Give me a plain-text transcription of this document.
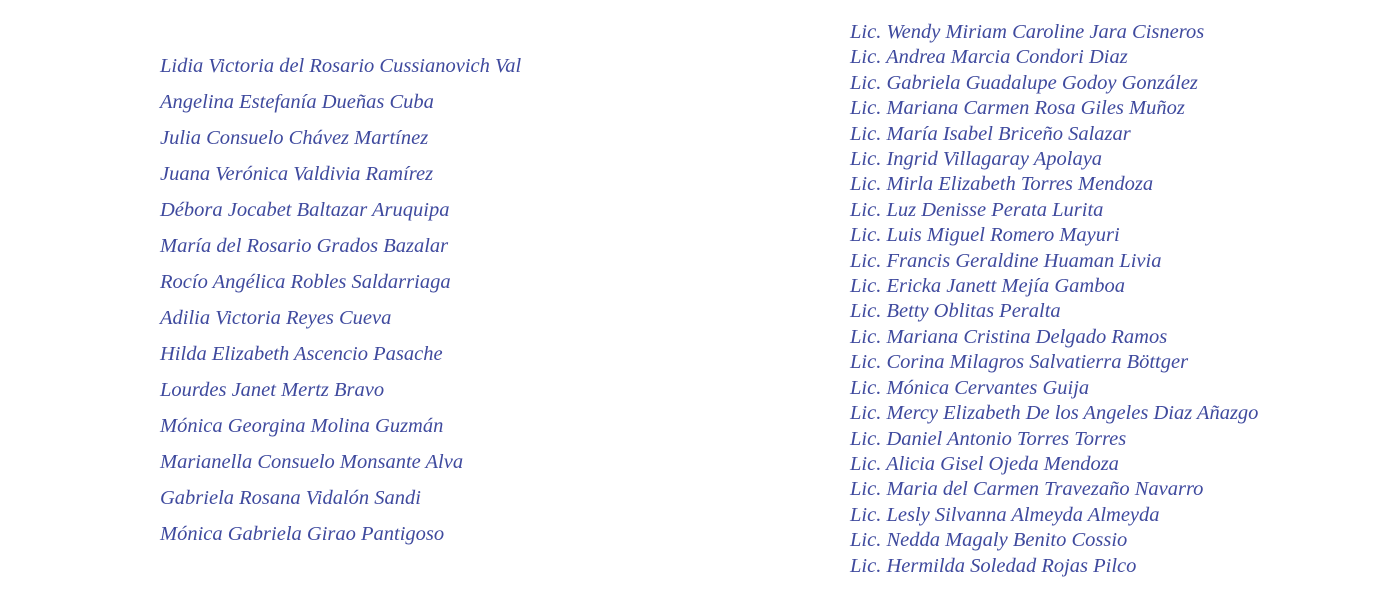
Lidia Victoria del Rosario Cussianovich Val
Angelina Estefanía Dueñas Cuba
Julia Consuelo Chávez Martínez
Juana Verónica Valdivia Ramírez
Débora Jocabet Baltazar Aruquipa
María del Rosario Grados Bazalar
Rocío Angélica Robles Saldarriaga
Adilia Victoria Reyes Cueva
Hilda Elizabeth Ascencio Pasache
Lourdes Janet Mertz Bravo
Mónica Georgina Molina Guzmán
Marianella Consuelo Monsante Alva
Gabriela Rosana Vidalón Sandi
Mónica Gabriela Girao Pantigoso
Lic. Wendy Miriam Caroline Jara Cisneros
Lic. Andrea Marcia Condori Diaz
Lic. Gabriela Guadalupe Godoy González
Lic. Mariana Carmen Rosa Giles Muñoz
Lic. María Isabel Briceño Salazar
Lic. Ingrid Villagaray Apolaya
Lic. Mirla Elizabeth Torres Mendoza
Lic. Luz Denisse Perata Lurita
Lic. Luis Miguel Romero Mayuri
Lic. Francis Geraldine Huaman Livia
Lic. Ericka Janett Mejía Gamboa
Lic. Betty Oblitas Peralta
Lic. Mariana Cristina Delgado Ramos
Lic. Corina Milagros Salvatierra Böttger
Lic. Mónica Cervantes Guija
Lic. Mercy Elizabeth De los Angeles Diaz Añazgo
Lic. Daniel Antonio Torres Torres
Lic. Alicia Gisel Ojeda Mendoza
Lic. Maria del Carmen Travezaño Navarro
Lic. Lesly Silvanna Almeyda Almeyda
Lic. Nedda Magaly Benito Cossio
Lic. Hermilda Soledad Rojas Pilco
